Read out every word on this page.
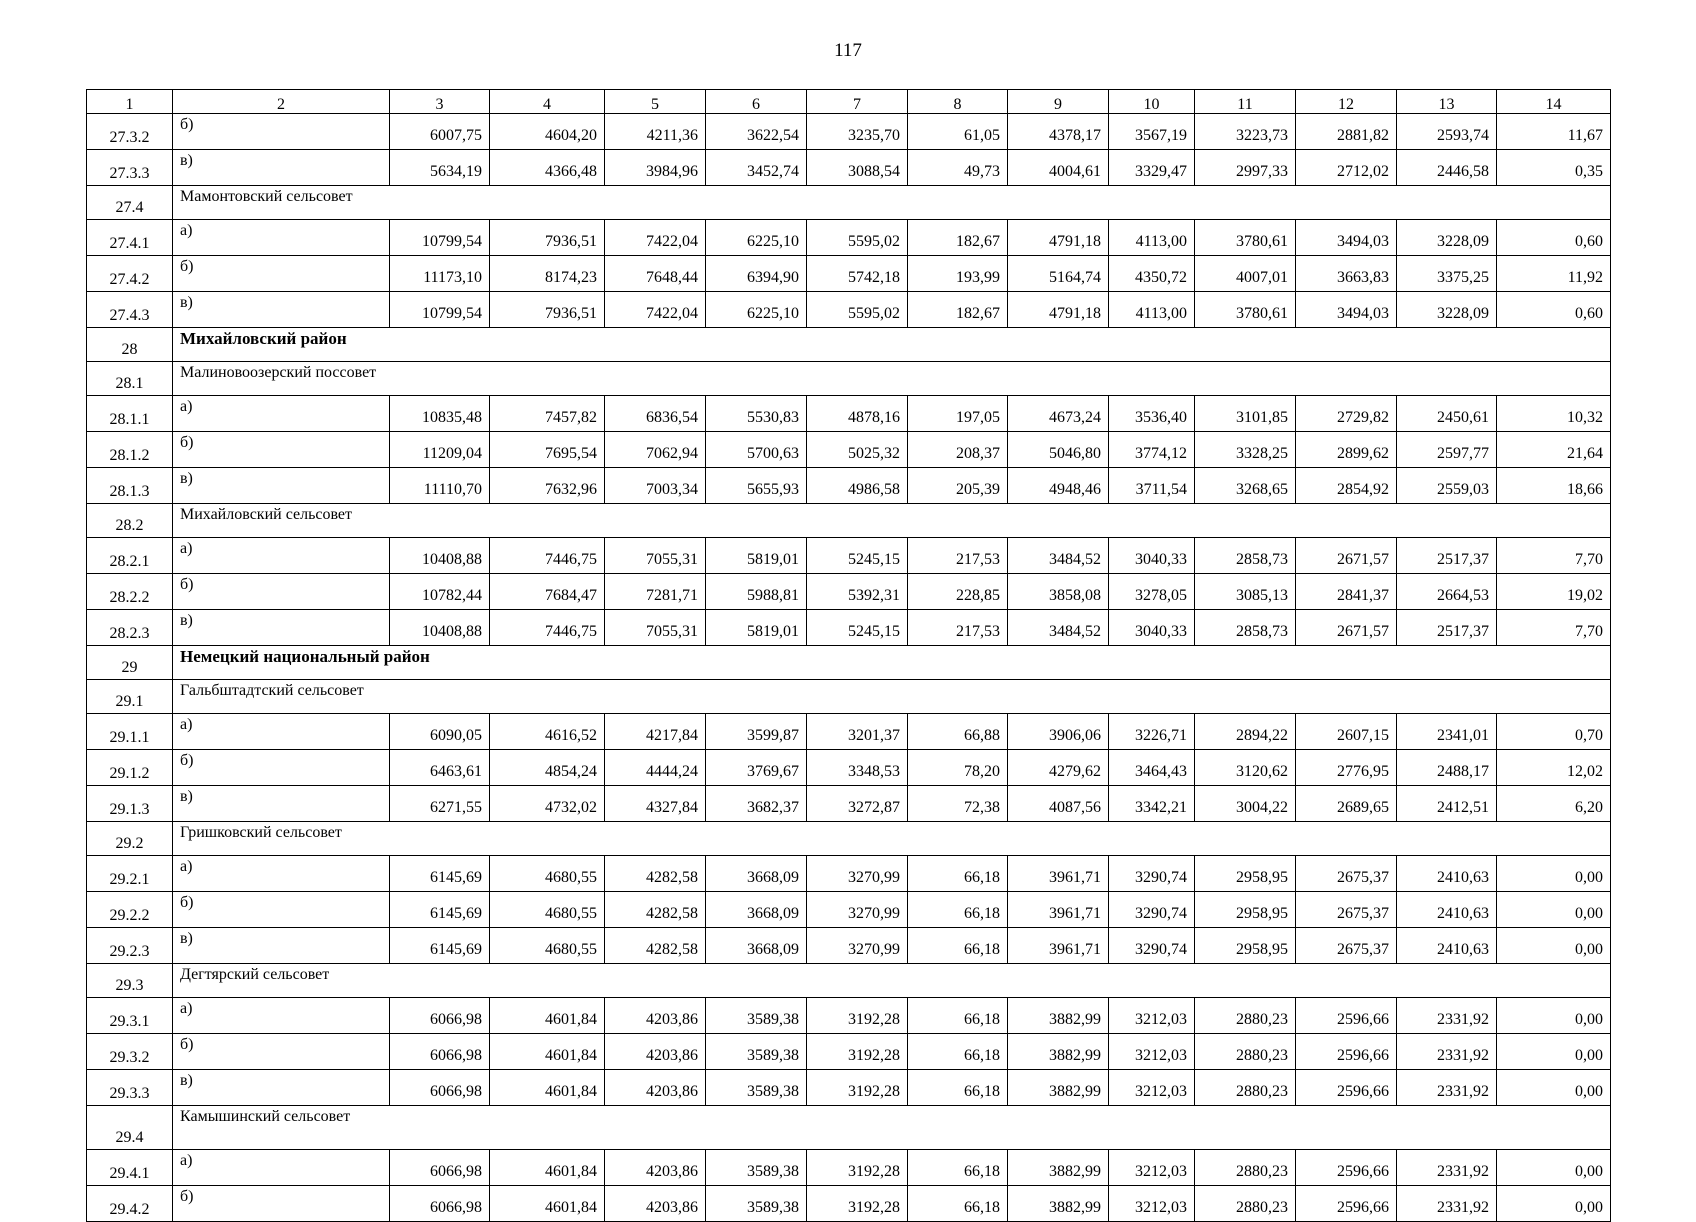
117
1	2	3	4	5	6	7	8	9	10	11	12	13	14
27.3.2	б)	6007,75	4604,20	4211,36	3622,54	3235,70	61,05	4378,17	3567,19	3223,73	2881,82	2593,74	11,67
27.3.3	в)	5634,19	4366,48	3984,96	3452,74	3088,54	49,73	4004,61	3329,47	2997,33	2712,02	2446,58	0,35
27.4	Мамонтовский сельсовет												
27.4.1	а)	10799,54	7936,51	7422,04	6225,10	5595,02	182,67	4791,18	4113,00	3780,61	3494,03	3228,09	0,60
27.4.2	б)	11173,10	8174,23	7648,44	6394,90	5742,18	193,99	5164,74	4350,72	4007,01	3663,83	3375,25	11,92
27.4.3	в)	10799,54	7936,51	7422,04	6225,10	5595,02	182,67	4791,18	4113,00	3780,61	3494,03	3228,09	0,60
28	Михайловский район												
28.1	Малиновоозерский поссовет												
28.1.1	а)	10835,48	7457,82	6836,54	5530,83	4878,16	197,05	4673,24	3536,40	3101,85	2729,82	2450,61	10,32
28.1.2	б)	11209,04	7695,54	7062,94	5700,63	5025,32	208,37	5046,80	3774,12	3328,25	2899,62	2597,77	21,64
28.1.3	в)	11110,70	7632,96	7003,34	5655,93	4986,58	205,39	4948,46	3711,54	3268,65	2854,92	2559,03	18,66
28.2	Михайловский сельсовет												
28.2.1	а)	10408,88	7446,75	7055,31	5819,01	5245,15	217,53	3484,52	3040,33	2858,73	2671,57	2517,37	7,70
28.2.2	б)	10782,44	7684,47	7281,71	5988,81	5392,31	228,85	3858,08	3278,05	3085,13	2841,37	2664,53	19,02
28.2.3	в)	10408,88	7446,75	7055,31	5819,01	5245,15	217,53	3484,52	3040,33	2858,73	2671,57	2517,37	7,70
29	Немецкий национальный район												
29.1	Гальбштадтский сельсовет												
29.1.1	а)	6090,05	4616,52	4217,84	3599,87	3201,37	66,88	3906,06	3226,71	2894,22	2607,15	2341,01	0,70
29.1.2	б)	6463,61	4854,24	4444,24	3769,67	3348,53	78,20	4279,62	3464,43	3120,62	2776,95	2488,17	12,02
29.1.3	в)	6271,55	4732,02	4327,84	3682,37	3272,87	72,38	4087,56	3342,21	3004,22	2689,65	2412,51	6,20
29.2	Гришковский сельсовет												
29.2.1	а)	6145,69	4680,55	4282,58	3668,09	3270,99	66,18	3961,71	3290,74	2958,95	2675,37	2410,63	0,00
29.2.2	б)	6145,69	4680,55	4282,58	3668,09	3270,99	66,18	3961,71	3290,74	2958,95	2675,37	2410,63	0,00
29.2.3	в)	6145,69	4680,55	4282,58	3668,09	3270,99	66,18	3961,71	3290,74	2958,95	2675,37	2410,63	0,00
29.3	Дегтярский сельсовет												
29.3.1	а)	6066,98	4601,84	4203,86	3589,38	3192,28	66,18	3882,99	3212,03	2880,23	2596,66	2331,92	0,00
29.3.2	б)	6066,98	4601,84	4203,86	3589,38	3192,28	66,18	3882,99	3212,03	2880,23	2596,66	2331,92	0,00
29.3.3	в)	6066,98	4601,84	4203,86	3589,38	3192,28	66,18	3882,99	3212,03	2880,23	2596,66	2331,92	0,00
29.4	Камышинский сельсовет												
29.4.1	а)	6066,98	4601,84	4203,86	3589,38	3192,28	66,18	3882,99	3212,03	2880,23	2596,66	2331,92	0,00
29.4.2	б)	6066,98	4601,84	4203,86	3589,38	3192,28	66,18	3882,99	3212,03	2880,23	2596,66	2331,92	0,00
